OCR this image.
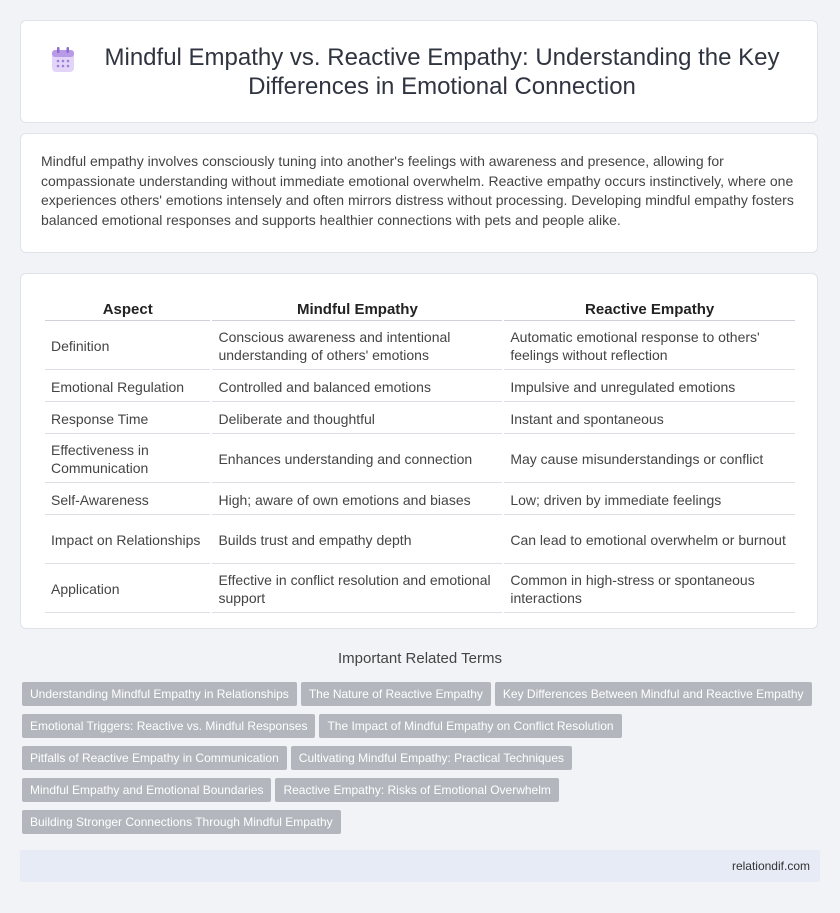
Mindful Empathy vs. Reactive Empathy: Understanding the Key Differences in Emotional Connection

Mindful empathy involves consciously tuning into another's feelings with awareness and presence, allowing for compassionate understanding without immediate emotional overwhelm. Reactive empathy occurs instinctively, where one experiences others' emotions intensely and often mirrors distress without processing. Developing mindful empathy fosters balanced emotional responses and supports healthier connections with pets and people alike.

Aspect	Mindful Empathy	Reactive Empathy
Definition	Conscious awareness and intentional understanding of others' emotions	Automatic emotional response to others' feelings without reflection
Emotional Regulation	Controlled and balanced emotions	Impulsive and unregulated emotions
Response Time	Deliberate and thoughtful	Instant and spontaneous
Effectiveness in Communication	Enhances understanding and connection	May cause misunderstandings or conflict
Self-Awareness	High; aware of own emotions and biases	Low; driven by immediate feelings
Impact on Relationships	Builds trust and empathy depth	Can lead to emotional overwhelm or burnout
Application	Effective in conflict resolution and emotional support	Common in high-stress or spontaneous interactions
Important Related Terms
Understanding Mindful Empathy in Relationships The Nature of Reactive Empathy Key Differences Between Mindful and Reactive Empathy
Emotional Triggers: Reactive vs. Mindful Responses The Impact of Mindful Empathy on Conflict Resolution
Pitfalls of Reactive Empathy in Communication Cultivating Mindful Empathy: Practical Techniques
Mindful Empathy and Emotional Boundaries Reactive Empathy: Risks of Emotional Overwhelm
Building Stronger Connections Through Mindful Empathy
relationdif.com
